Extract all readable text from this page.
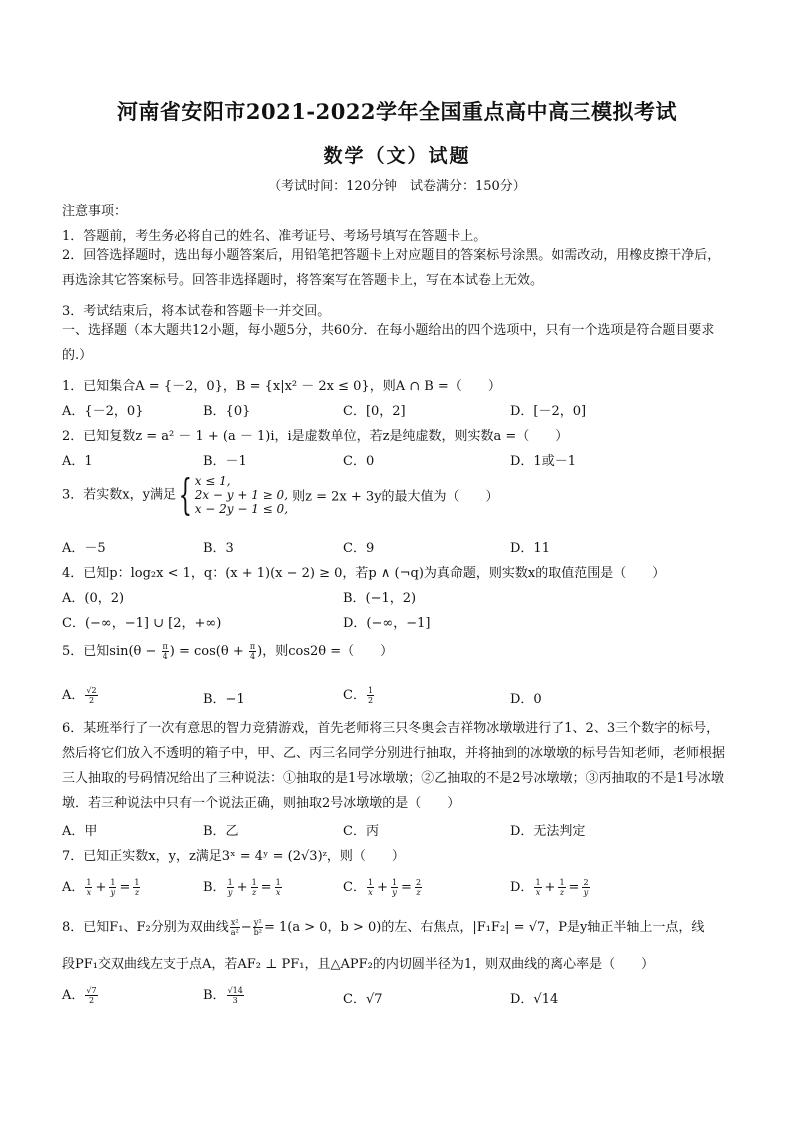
河南省安阳市2021-2022学年全国重点高中高三模拟考试
数学（文）试题
（考试时间：120分钟　试卷满分：150分）
注意事项：
1．答题前，考生务必将自己的姓名、准考证号、考场号填写在答题卡上。
2．回答选择题时，选出每小题答案后，用铅笔把答题卡上对应题目的答案标号涂黑。如需改动，用橡皮擦干净后，再选涂其它答案标号。回答非选择题时，将答案写在答题卡上，写在本试卷上无效。
3．考试结束后，将本试卷和答题卡一并交回。
一、选择题（本大题共12小题，每小题5分，共60分．在每小题给出的四个选项中，只有一个选项是符合题目要求的.）
1．已知集合A = {－2，0}，B = {x|x² － 2x ≤ 0}，则A ∩ B =（　　）
A．{－2，0}	B．{0}	C．[0，2]	D．[－2，0]
2．已知复数z = a² － 1 + (a － 1)i，i是虚数单位，若z是纯虚数，则实数a =（　　）
A．1	B．－1	C．0	D．1或－1
3．若实数x，y满足{ x ≤ 1,
2x − y + 1 ≥ 0,
x − 2y − 1 ≤ 0,
则z = 2x + 3y的最大值为（　　）
A．－5	B．3	C．9	D．11
4．已知p：log₂x < 1，q：(x + 1)(x − 2) ≥ 0，若p ∧ (¬q)为真命题，则实数x的取值范围是（　　）
A．(0，2)	B．(−1，2)
C．(−∞，−1] ∪ [2，+∞)	D．(−∞，−1]
5．已知$\sin(\theta - \frac{\pi}{4}$ ) = $\cos(\theta + \frac{\pi}{4}$ )，则cos2θ =（　　）
A． $\frac{√2}{2}$	B．−1	C． $\frac{1}{2}$	D．0
6．某班举行了一次有意思的智力竞猜游戏，首先老师将三只冬奥会吉祥物冰墩墩进行了1、2、3三个数字的标号，然后将它们放入不透明的箱子中，甲、乙、丙三名同学分别进行抽取，并将抽到的冰墩墩的标号告知老师，老师根据三人抽取的号码情况给出了三种说法：①抽取的是1号冰墩墩；②乙抽取的不是2号冰墩墩；③丙抽取的不是1号冰墩墩．若三种说法中只有一个说法正确，则抽取2号冰墩墩的是（　　）
A．甲	B．乙	C．丙	D．无法判定
7．已知正实数x，y，z满足3ˣ = 4ʸ = (2√3)ᶻ，则（　　）
A． $\frac{1}{x} + \frac{1}{y} = \frac{1}{z}$	B． $\frac{1}{y} + \frac{1}{z} = \frac{1}{x}$	C． $\frac{1}{x} + \frac{1}{y} = \frac{2}{z}$	D． $\frac{1}{x} + \frac{1}{z} = \frac{2}{y}$
8．已知F₁、F₂分别为双曲线 $\frac{\text{x²}}{\text{a²}} - \frac{\text{y²}}{\text{b²}} = 1(a > 0$，b > 0)的左、右焦点，|F₁F₂| = √7，P是y轴正半轴上一点，线
段PF₁交双曲线左支于点A，若AF₂ ⊥ PF₁，且△APF₂的内切圆半径为1，则双曲线的离心率是（　　）
A． $\frac{√7}{2}$	B． $\frac{√14}{3}$	C．√7	D．√14
